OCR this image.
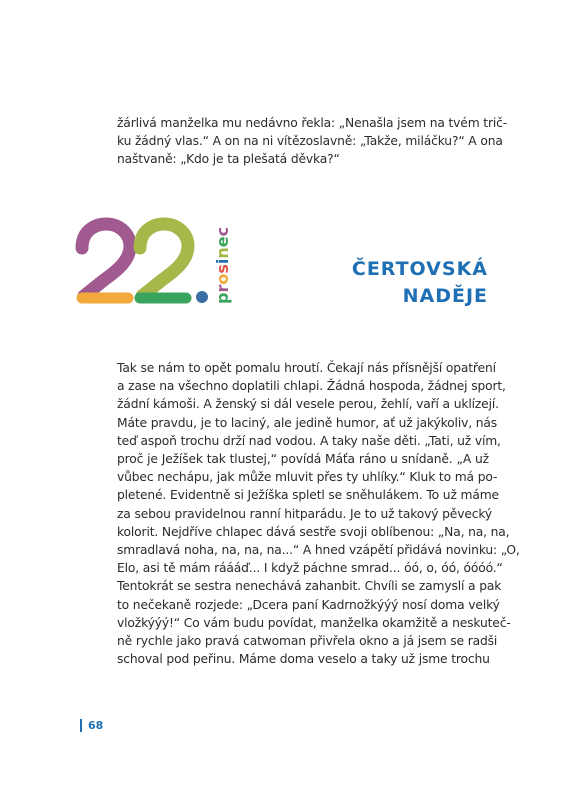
žárlivá manželka mu nedávno řekla: „Nenašla jsem na tvém trič-
ku žádný vlas.“ A on na ni vítězoslavně: „Takže, miláčku?“ A ona
naštvaně: „Kdo je ta plešatá děvka?“
prosinec
ČERTOVSKÁ
NADĚJE
Tak se nám to opět pomalu hroutí. Čekají nás přísnější opatření
a zase na všechno doplatili chlapi. Žádná hospoda, žádnej sport,
žádní kámoši. A ženský si dál vesele perou, žehlí, vaří a uklízejí.
Máte pravdu, je to laciný, ale jedině humor, ať už jakýkoliv, nás
teď aspoň trochu drží nad vodou. A taky naše děti. „Tati, už vím,
proč je Ježíšek tak tlustej,“ povídá Máťa ráno u snídaně. „A už
vůbec nechápu, jak může mluvit přes ty uhlíky.“ Kluk to má po-
pletené. Evidentně si Ježíška spletl se sněhulákem. To už máme
za sebou pravidelnou ranní hitparádu. Je to už takový pěvecký
kolorit. Nejdříve chlapec dává sestře svoji oblíbenou: „Na, na, na,
smradlavá noha, na, na, na...“ A hned vzápětí přidává novinku: „O,
Elo, asi tě mám ráááď... I když páchne smrad... óó, o, óó, óóóó.“
Tentokrát se sestra nenechává zahanbit. Chvíli se zamyslí a pak
to nečekaně rozjede: „Dcera paní Kadrnožkýýý nosí doma velký
vložkýýý!“ Co vám budu povídat, manželka okamžitě a neskuteč-
ně rychle jako pravá catwoman přivřela okno a já jsem se radši
schoval pod peřinu. Máme doma veselo a taky už jsme trochu
68
